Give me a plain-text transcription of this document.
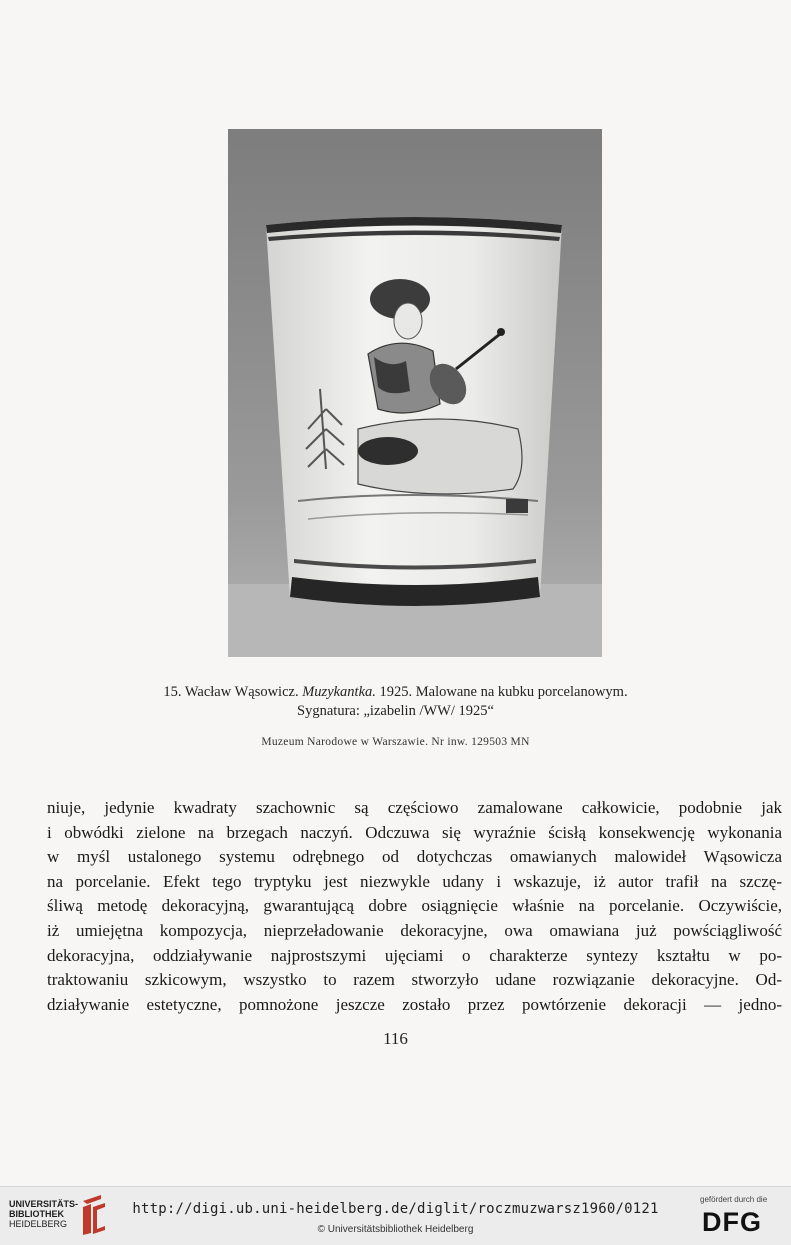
15. Wacław Wąsowicz. Muzykantka. 1925. Malowane na kubku porcelanowym.
Sygnatura: „izabelin /WW/ 1925“
Muzeum Narodowe w Warszawie. Nr inw. 129503 MN
niuje, jedynie kwadraty szachownic są częściowo zamalowane całkowicie, podobnie jak
i obwódki zielone na brzegach naczyń. Odczuwa się wyraźnie ścisłą konsekwencję wykonania
w myśl ustalonego systemu odrębnego od dotychczas omawianych malowideł Wąsowicza
na porcelanie. Efekt tego tryptyku jest niezwykle udany i wskazuje, iż autor trafił na szczę-
śliwą metodę dekoracyjną, gwarantującą dobre osiągnięcie właśnie na porcelanie. Oczywiście,
iż umiejętna kompozycja, nieprzeładowanie dekoracyjne, owa omawiana już powściągliwość
dekoracyjna, oddziaływanie najprostszymi ujęciami o charakterze syntezy kształtu w po-
traktowaniu szkicowym, wszystko to razem stworzyło udane rozwiązanie dekoracyjne. Od-
działywanie estetyczne, pomnożone jeszcze zostało przez powtórzenie dekoracji — jedno-
116
UNIVERSITÄTS-
BIBLIOTHEK
HEIDELBERG
http://digi.ub.uni-heidelberg.de/diglit/roczmuzwarsz1960/0121
© Universitätsbibliothek Heidelberg
gefördert durch die
DFG
